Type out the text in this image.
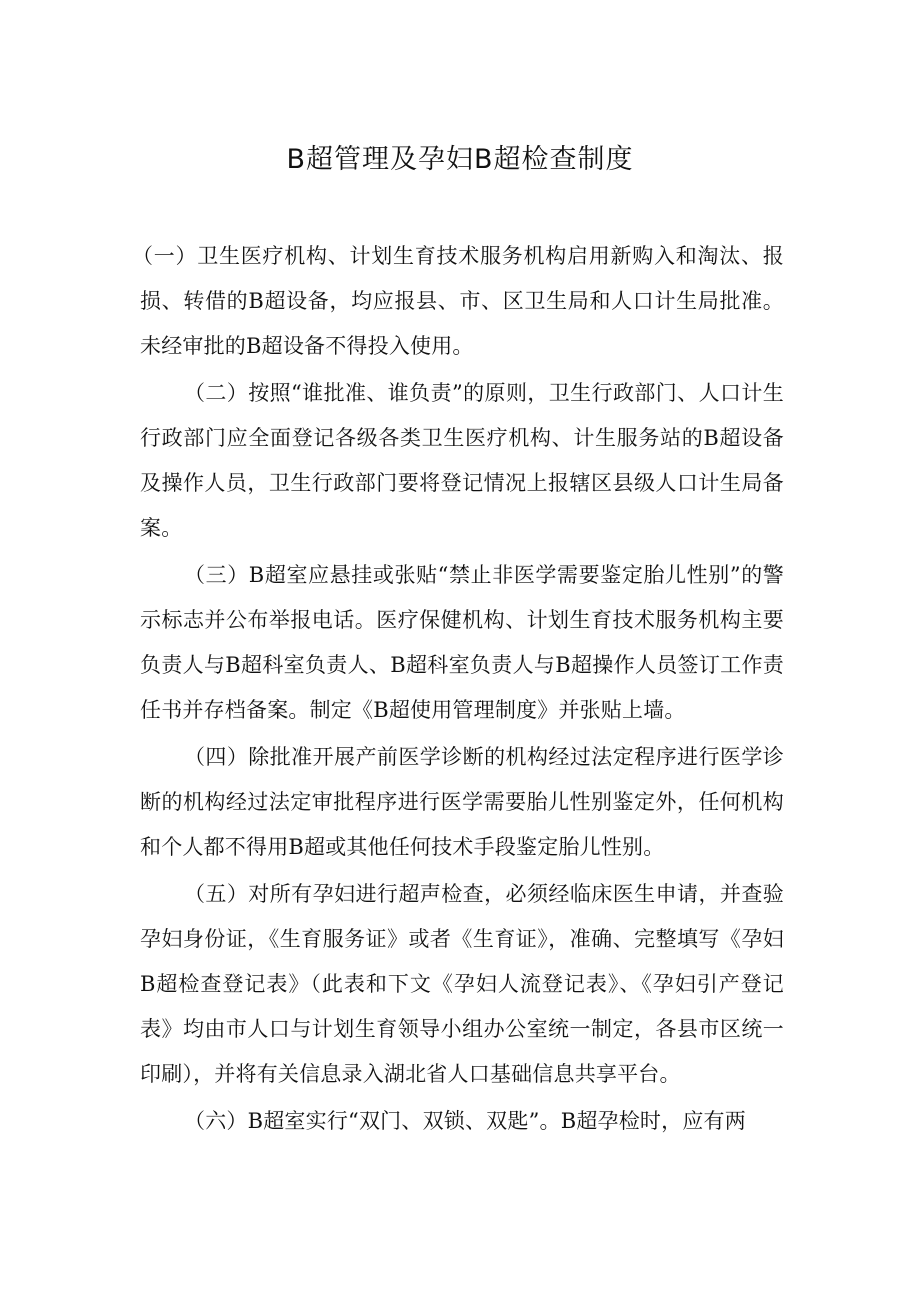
B超管理及孕妇B超检查制度

（一）卫生医疗机构、计划生育技术服务机构启用新购入和淘汰、报损、转借的B超设备，均应报县、市、区卫生局和人口计生局批准。未经审批的B超设备不得投入使用。

（二）按照“谁批准、谁负责”的原则，卫生行政部门、人口计生行政部门应全面登记各级各类卫生医疗机构、计生服务站的B超设备及操作人员，卫生行政部门要将登记情况上报辖区县级人口计生局备案。

（三）B超室应悬挂或张贴“禁止非医学需要鉴定胎儿性别”的警示标志并公布举报电话。医疗保健机构、计划生育技术服务机构主要负责人与B超科室负责人、B超科室负责人与B超操作人员签订工作责任书并存档备案。制定《B超使用管理制度》并张贴上墙。

（四）除批准开展产前医学诊断的机构经过法定程序进行医学诊断的机构经过法定审批程序进行医学需要胎儿性别鉴定外，任何机构和个人都不得用B超或其他任何技术手段鉴定胎儿性别。

（五）对所有孕妇进行超声检查，必须经临床医生申请，并查验孕妇身份证，《生育服务证》或者《生育证》，准确、完整填写《孕妇B超检查登记表》（此表和下文《孕妇人流登记表》、《孕妇引产登记表》均由市人口与计划生育领导小组办公室统一制定，各县市区统一印刷），并将有关信息录入湖北省人口基础信息共享平台。

（六）B超室实行“双门、双锁、双匙”。B超孕检时，应有两
